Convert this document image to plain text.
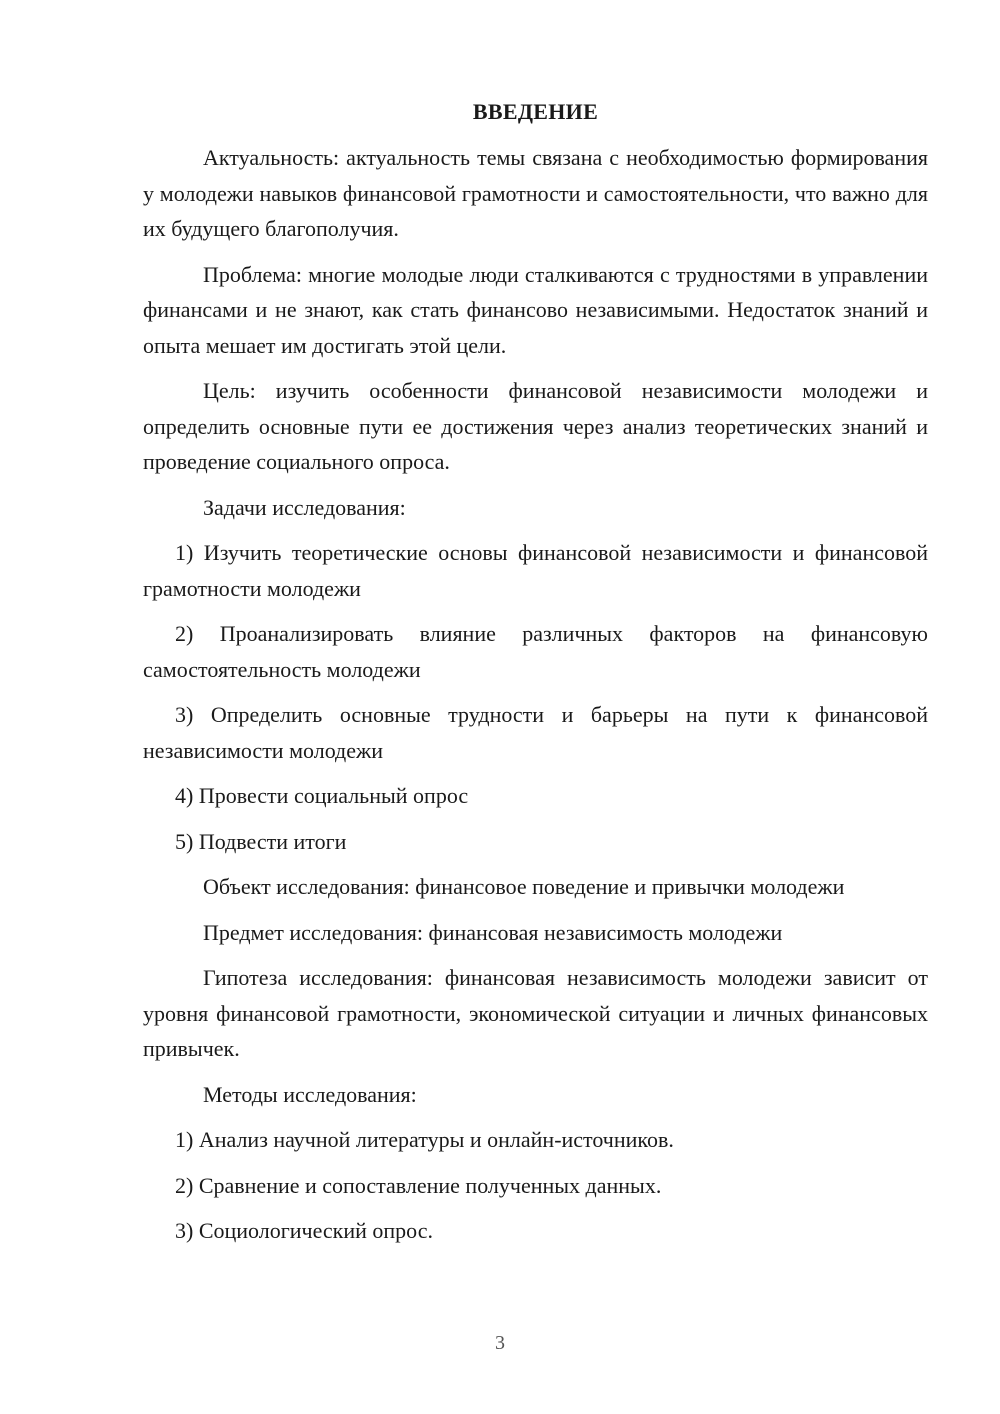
ВВЕДЕНИЕ

Актуальность: актуальность темы связана с необходимостью формирования у молодежи навыков финансовой грамотности и самостоятельности, что важно для их будущего благополучия.

Проблема: многие молодые люди сталкиваются с трудностями в управлении финансами и не знают, как стать финансово независимыми. Недостаток знаний и опыта мешает им достигать этой цели.

Цель: изучить особенности финансовой независимости молодежи и определить основные пути ее достижения через анализ теоретических знаний и проведение социального опроса.

Задачи исследования:

1) Изучить теоретические основы финансовой независимости и финансовой грамотности молодежи

2) Проанализировать влияние различных факторов на финансовую самостоятельность молодежи

3) Определить основные трудности и барьеры на пути к финансовой независимости молодежи

4) Провести социальный опрос

5) Подвести итоги

Объект исследования: финансовое поведение и привычки молодежи

Предмет исследования: финансовая независимость молодежи

Гипотеза исследования: финансовая независимость молодежи зависит от уровня финансовой грамотности, экономической ситуации и личных финансовых привычек.

Методы исследования:

1) Анализ научной литературы и онлайн-источников.

2) Сравнение и сопоставление полученных данных.

3) Социологический опрос.

3
